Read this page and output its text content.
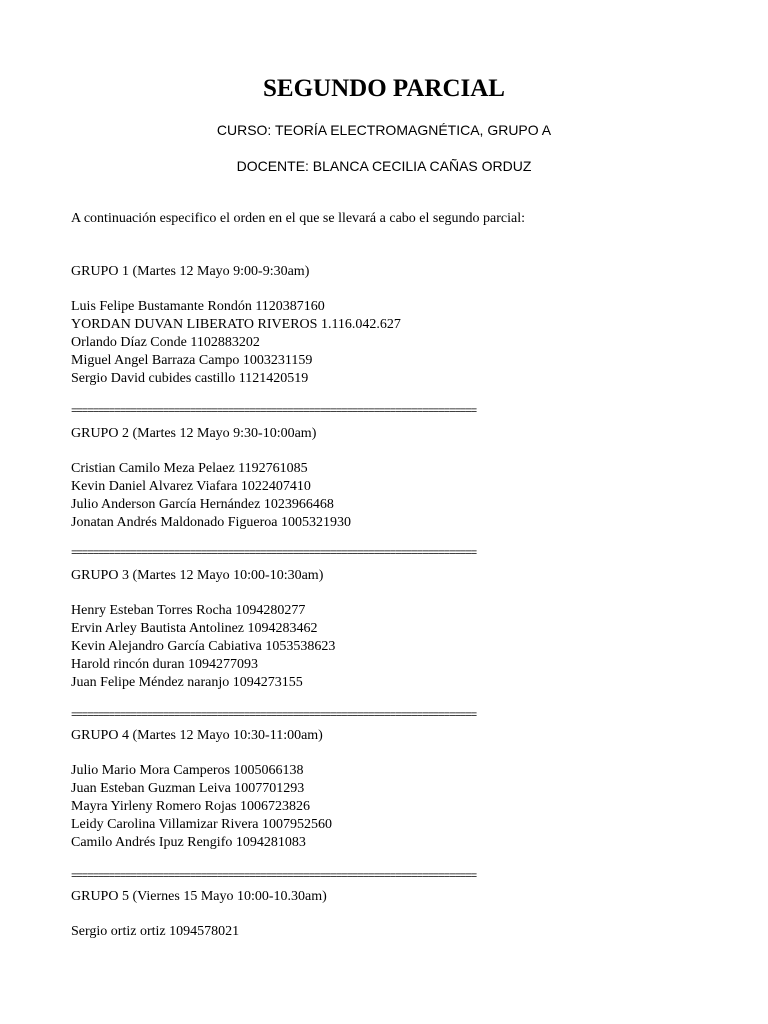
SEGUNDO PARCIAL
CURSO: TEORÍA ELECTROMAGNÉTICA, GRUPO A
DOCENTE: BLANCA CECILIA CAÑAS ORDUZ
A continuación especifico el orden en el que se llevará a cabo el segundo parcial:
GRUPO 1 (Martes 12 Mayo 9:00-9:30am)
Luis Felipe Bustamante Rondón 1120387160
YORDAN DUVAN LIBERATO RIVEROS 1.116.042.627
Orlando Díaz Conde 1102883202
Miguel Angel Barraza Campo 1003231159
Sergio David cubides castillo 1121420519
===========================================================================
GRUPO 2 (Martes 12 Mayo 9:30-10:00am)
Cristian Camilo Meza Pelaez 1192761085
Kevin Daniel Alvarez Viafara 1022407410
Julio Anderson García Hernández 1023966468
Jonatan Andrés Maldonado Figueroa 1005321930
===========================================================================
GRUPO 3 (Martes 12 Mayo 10:00-10:30am)
Henry Esteban Torres Rocha 1094280277
Ervin Arley Bautista Antolinez 1094283462
Kevin Alejandro García Cabiativa 1053538623
Harold rincón duran 1094277093
Juan Felipe Méndez naranjo 1094273155
===========================================================================
GRUPO 4 (Martes 12 Mayo 10:30-11:00am)
Julio Mario Mora Camperos 1005066138
Juan Esteban Guzman Leiva 1007701293
Mayra Yirleny Romero Rojas 1006723826
Leidy Carolina Villamizar Rivera 1007952560
Camilo Andrés Ipuz Rengifo 1094281083
===========================================================================
GRUPO 5 (Viernes 15 Mayo 10:00-10.30am)
Sergio ortiz ortiz 1094578021
